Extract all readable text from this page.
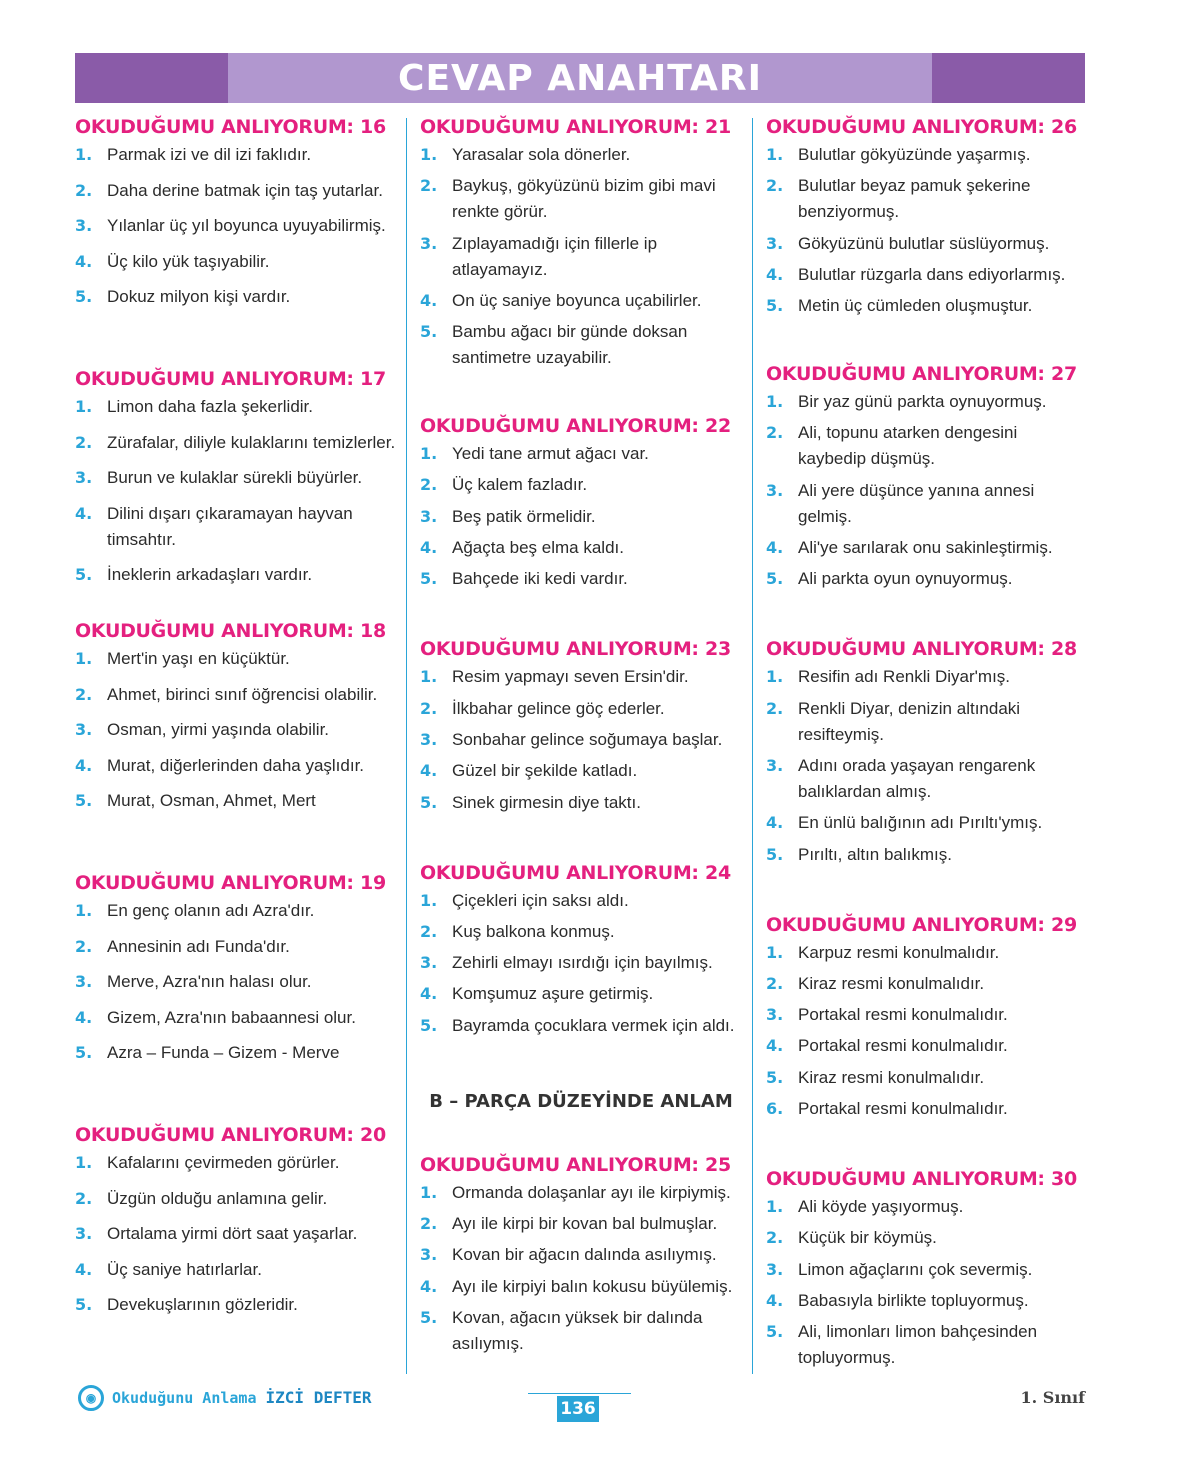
CEVAP ANAHTARI
OKUDUĞUMU ANLIYORUM: 16
1. Parmak izi ve dil izi faklıdır.
2. Daha derine batmak için taş yutarlar.
3. Yılanlar üç yıl boyunca uyuyabilirmiş.
4. Üç kilo yük taşıyabilir.
5. Dokuz milyon kişi vardır.
OKUDUĞUMU ANLIYORUM: 17
1. Limon daha fazla şekerlidir.
2. Zürafalar, diliyle kulaklarını temizlerler.
3. Burun ve kulaklar sürekli büyürler.
4. Dilini dışarı çıkaramayan hayvan timsahtır.
5. İneklerin arkadaşları vardır.
OKUDUĞUMU ANLIYORUM: 18
1. Mert'in yaşı en küçüktür.
2. Ahmet, birinci sınıf öğrencisi olabilir.
3. Osman, yirmi yaşında olabilir.
4. Murat, diğerlerinden daha yaşlıdır.
5. Murat, Osman, Ahmet, Mert
OKUDUĞUMU ANLIYORUM: 19
1. En genç olanın adı Azra'dır.
2. Annesinin adı Funda'dır.
3. Merve, Azra'nın halası olur.
4. Gizem, Azra'nın babaannesi olur.
5. Azra – Funda – Gizem - Merve
OKUDUĞUMU ANLIYORUM: 20
1. Kafalarını çevirmeden görürler.
2. Üzgün olduğu anlamına gelir.
3. Ortalama yirmi dört saat yaşarlar.
4. Üç saniye hatırlarlar.
5. Devekuşlarının gözleridir.
OKUDUĞUMU ANLIYORUM: 21
1. Yarasalar sola dönerler.
2. Baykuş, gökyüzünü bizim gibi mavi renkte görür.
3. Zıplayamadığı için fillerle ip atlayamayız.
4. On üç saniye boyunca uçabilirler.
5. Bambu ağacı bir günde doksan santimetre uzayabilir.
OKUDUĞUMU ANLIYORUM: 22
1. Yedi tane armut ağacı var.
2. Üç kalem fazladır.
3. Beş patik örmelidir.
4. Ağaçta beş elma kaldı.
5. Bahçede iki kedi vardır.
OKUDUĞUMU ANLIYORUM: 23
1. Resim yapmayı seven Ersin'dir.
2. İlkbahar gelince göç ederler.
3. Sonbahar gelince soğumaya başlar.
4. Güzel bir şekilde katladı.
5. Sinek girmesin diye taktı.
OKUDUĞUMU ANLIYORUM: 24
1. Çiçekleri için saksı aldı.
2. Kuş balkona konmuş.
3. Zehirli elmayı ısırdığı için bayılmış.
4. Komşumuz aşure getirmiş.
5. Bayramda çocuklara vermek için aldı.
B – PARÇA DÜZEYİNDE ANLAM
OKUDUĞUMU ANLIYORUM: 25
1. Ormanda dolaşanlar ayı ile kirpiymiş.
2. Ayı ile kirpi bir kovan bal bulmuşlar.
3. Kovan bir ağacın dalında asılıymış.
4. Ayı ile kirpiyi balın kokusu büyülemiş.
5. Kovan, ağacın yüksek bir dalında asılıymış.
OKUDUĞUMU ANLIYORUM: 26
1. Bulutlar gökyüzünde yaşarmış.
2. Bulutlar beyaz pamuk şekerine benziyormuş.
3. Gökyüzünü bulutlar süslüyormuş.
4. Bulutlar rüzgarla dans ediyorlarmış.
5. Metin üç cümleden oluşmuştur.
OKUDUĞUMU ANLIYORUM: 27
1. Bir yaz günü parkta oynuyormuş.
2. Ali, topunu atarken dengesini kaybedip düşmüş.
3. Ali yere düşünce yanına annesi gelmiş.
4. Ali'ye sarılarak onu sakinleştirmiş.
5. Ali parkta oyun oynuyormuş.
OKUDUĞUMU ANLIYORUM: 28
1. Resifin adı Renkli Diyar'mış.
2. Renkli Diyar, denizin altındaki resifteymiş.
3. Adını orada yaşayan rengarenk balıklardan almış.
4. En ünlü balığının adı Pırıltı'ymış.
5. Pırıltı, altın balıkmış.
OKUDUĞUMU ANLIYORUM: 29
1. Karpuz resmi konulmalıdır.
2. Kiraz resmi konulmalıdır.
3. Portakal resmi konulmalıdır.
4. Portakal resmi konulmalıdır.
5. Kiraz resmi konulmalıdır.
6. Portakal resmi konulmalıdır.
OKUDUĞUMU ANLIYORUM: 30
1. Ali köyde yaşıyormuş.
2. Küçük bir köymüş.
3. Limon ağaçlarını çok severmiş.
4. Babasıyla birlikte topluyormuş.
5. Ali, limonları limon bahçesinden topluyormuş.
◉	Okuduğunu Anlama İZCİ DEFTER
136
1. Sınıf
